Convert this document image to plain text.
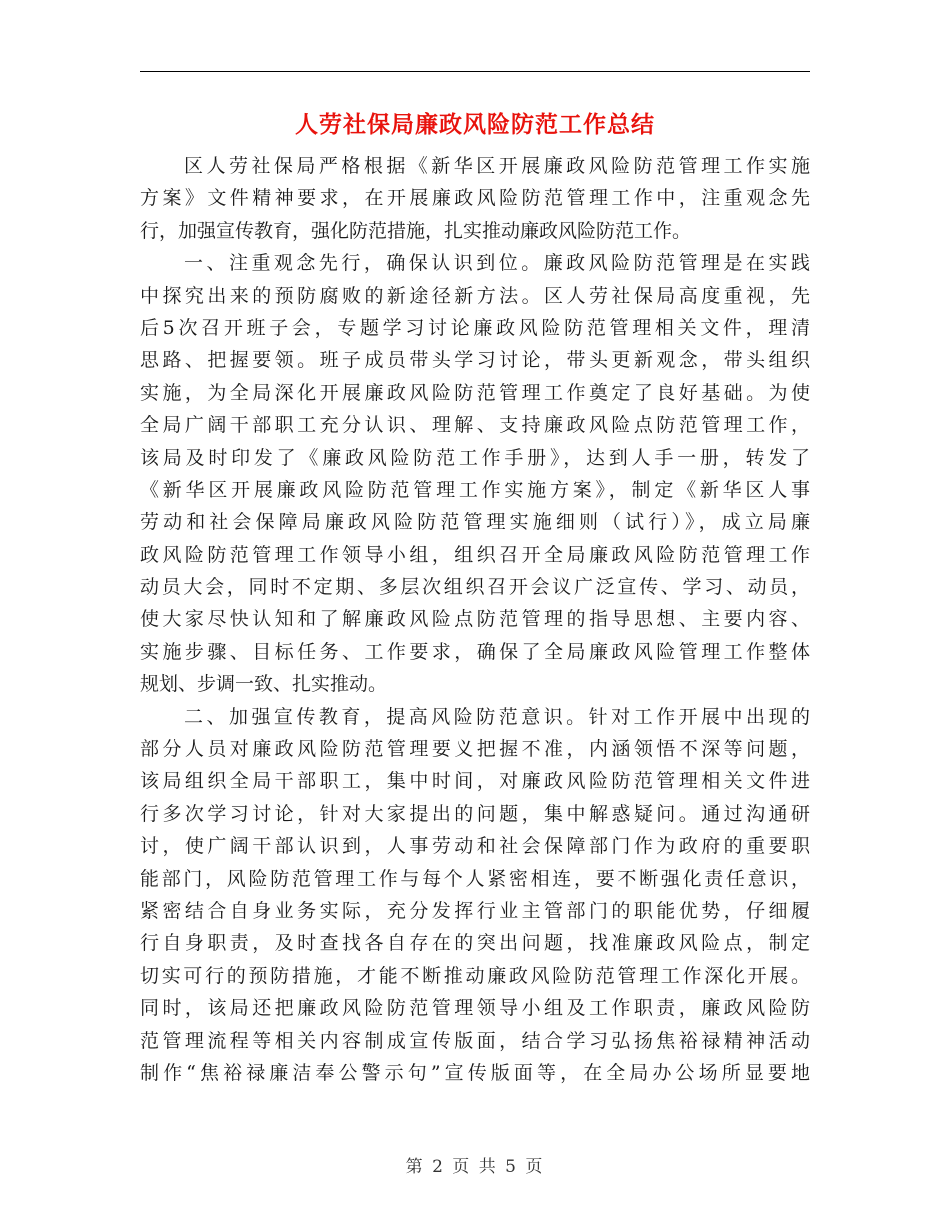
人劳社保局廉政风险防范工作总结
区人劳社保局严格根据《新华区开展廉政风险防范管理工作实施
方案》文件精神要求，在开展廉政风险防范管理工作中，注重观念先
行，加强宣传教育，强化防范措施，扎实推动廉政风险防范工作。
一、注重观念先行，确保认识到位。廉政风险防范管理是在实践
中探究出来的预防腐败的新途径新方法。区人劳社保局高度重视，先
后5次召开班子会，专题学习讨论廉政风险防范管理相关文件，理清
思路、把握要领。班子成员带头学习讨论，带头更新观念，带头组织
实施，为全局深化开展廉政风险防范管理工作奠定了良好基础。为使
全局广阔干部职工充分认识、理解、支持廉政风险点防范管理工作，
该局及时印发了《廉政风险防范工作手册》，达到人手一册，转发了
《新华区开展廉政风险防范管理工作实施方案》，制定《新华区人事
劳动和社会保障局廉政风险防范管理实施细则（试行）》，成立局廉
政风险防范管理工作领导小组，组织召开全局廉政风险防范管理工作
动员大会，同时不定期、多层次组织召开会议广泛宣传、学习、动员，
使大家尽快认知和了解廉政风险点防范管理的指导思想、主要内容、
实施步骤、目标任务、工作要求，确保了全局廉政风险管理工作整体
规划、步调一致、扎实推动。
二、加强宣传教育，提高风险防范意识。针对工作开展中出现的
部分人员对廉政风险防范管理要义把握不准，内涵领悟不深等问题，
该局组织全局干部职工，集中时间，对廉政风险防范管理相关文件进
行多次学习讨论，针对大家提出的问题，集中解惑疑问。通过沟通研
讨，使广阔干部认识到，人事劳动和社会保障部门作为政府的重要职
能部门，风险防范管理工作与每个人紧密相连，要不断强化责任意识，
紧密结合自身业务实际，充分发挥行业主管部门的职能优势，仔细履
行自身职责，及时查找各自存在的突出问题，找准廉政风险点，制定
切实可行的预防措施，才能不断推动廉政风险防范管理工作深化开展。
同时，该局还把廉政风险防范管理领导小组及工作职责，廉政风险防
范管理流程等相关内容制成宣传版面，结合学习弘扬焦裕禄精神活动
制作“焦裕禄廉洁奉公警示句”宣传版面等，在全局办公场所显要地
第 2 页 共 5 页
